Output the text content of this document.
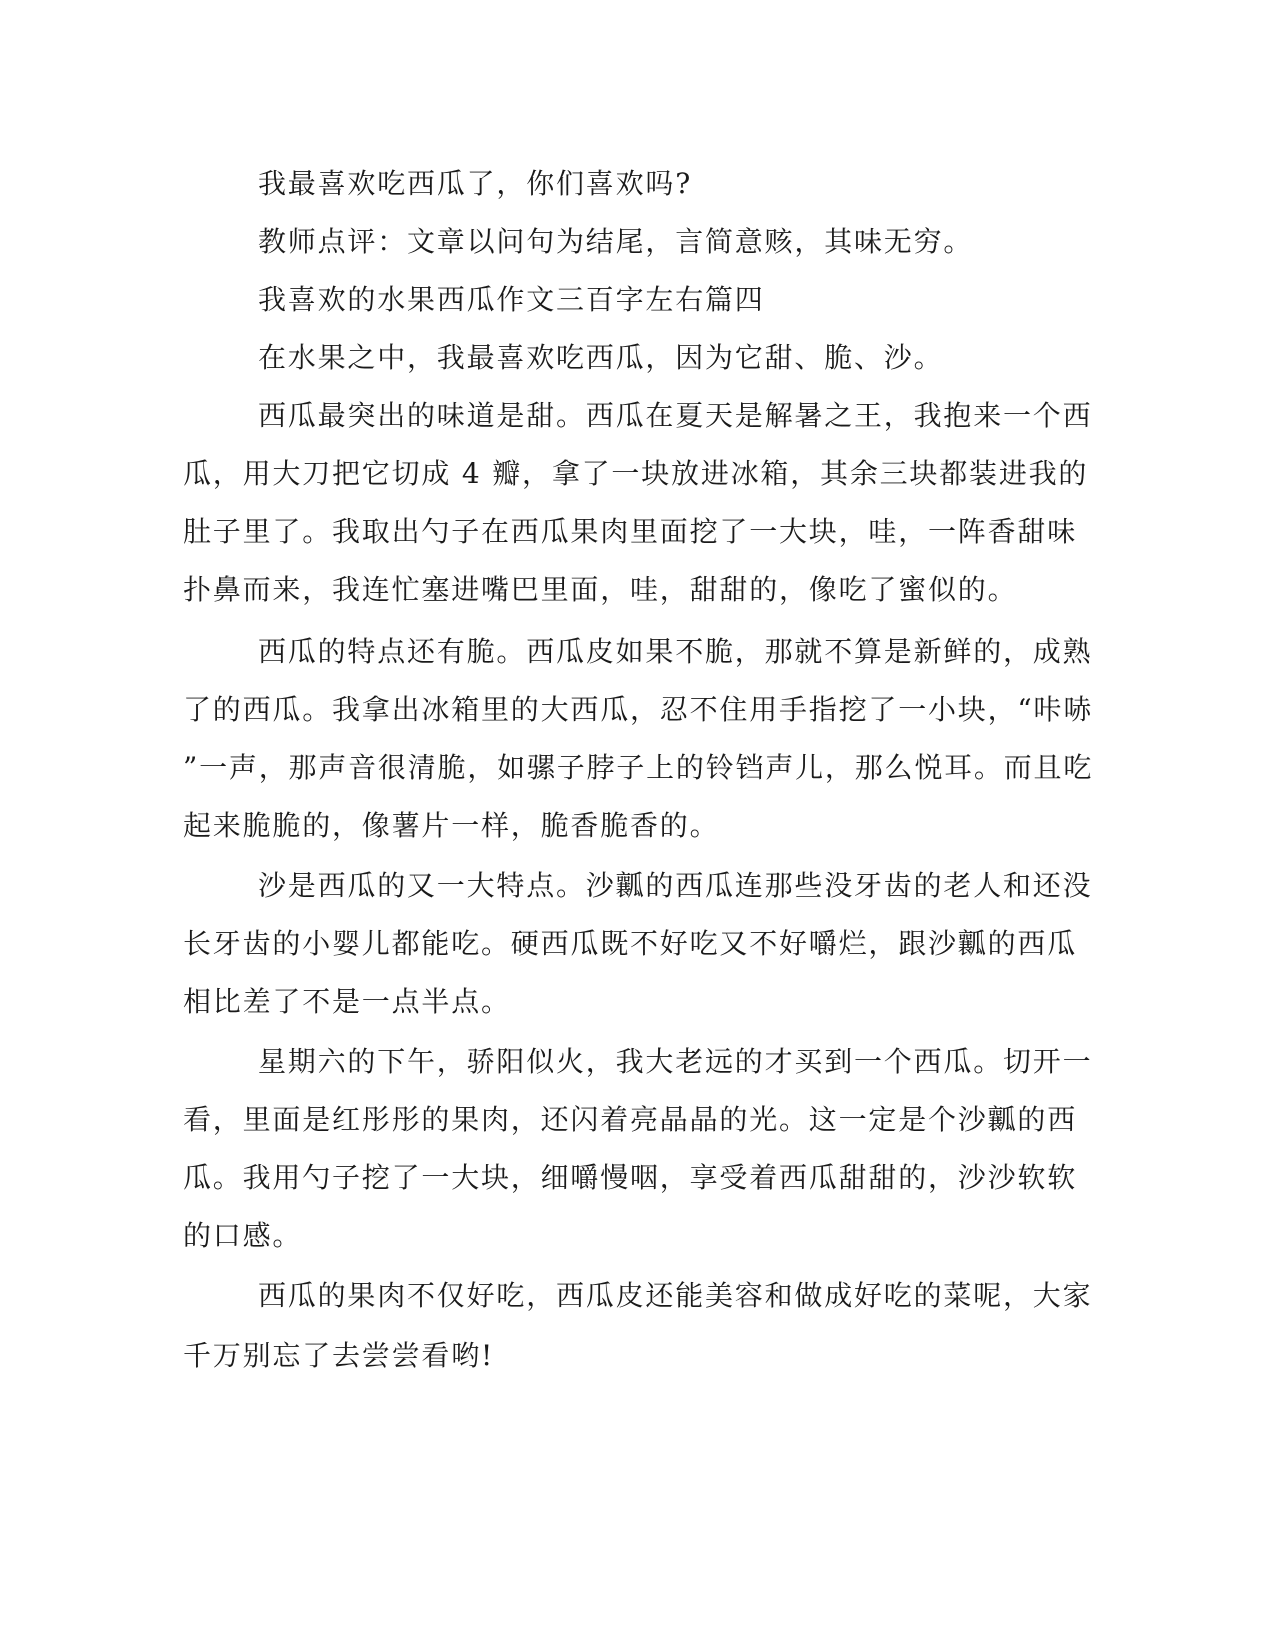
我最喜欢吃西瓜了，你们喜欢吗?

教师点评：文章以问句为结尾，言简意赅，其味无穷。

我喜欢的水果西瓜作文三百字左右篇四

在水果之中，我最喜欢吃西瓜，因为它甜、脆、沙。

西瓜最突出的味道是甜。西瓜在夏天是解暑之王，我抱来一个西

瓜，用大刀把它切成 4 瓣，拿了一块放进冰箱，其余三块都装进我的

肚子里了。我取出勺子在西瓜果肉里面挖了一大块，哇，一阵香甜味

扑鼻而来，我连忙塞进嘴巴里面，哇，甜甜的，像吃了蜜似的。

西瓜的特点还有脆。西瓜皮如果不脆，那就不算是新鲜的，成熟

了的西瓜。我拿出冰箱里的大西瓜，忍不住用手指挖了一小块，“咔哧

”一声，那声音很清脆，如骡子脖子上的铃铛声儿，那么悦耳。而且吃

起来脆脆的，像薯片一样，脆香脆香的。

沙是西瓜的又一大特点。沙瓤的西瓜连那些没牙齿的老人和还没

长牙齿的小婴儿都能吃。硬西瓜既不好吃又不好嚼烂，跟沙瓤的西瓜

相比差了不是一点半点。

星期六的下午，骄阳似火，我大老远的才买到一个西瓜。切开一

看，里面是红彤彤的果肉，还闪着亮晶晶的光。这一定是个沙瓤的西

瓜。我用勺子挖了一大块，细嚼慢咽，享受着西瓜甜甜的，沙沙软软

的口感。

西瓜的果肉不仅好吃，西瓜皮还能美容和做成好吃的菜呢，大家

千万别忘了去尝尝看哟!
